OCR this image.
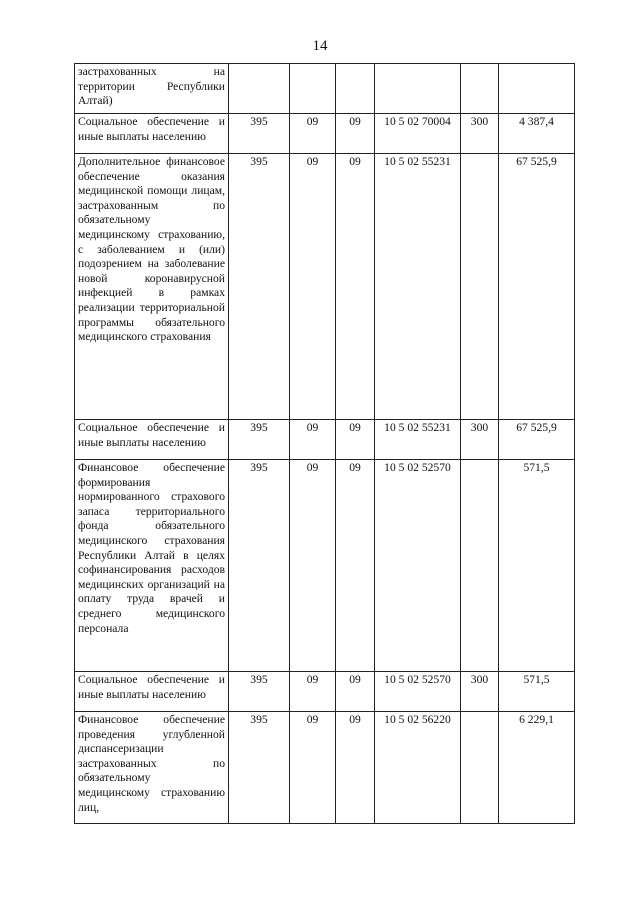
14
застрахованных на территории Республики Алтай)						
Социальное обеспечение и иные выплаты населению	395	09	09	10 5 02 70004	300	4 387,4
Дополнительное финансовое обеспечение оказания медицинской помощи лицам, застрахованным по обязательному медицинскому страхованию, с заболеванием и (или) подозрением на заболевание новой коронавирусной инфекцией в рамках реализации территориальной программы обязательного медицинского страхования	395	09	09	10 5 02 55231		67 525,9
Социальное обеспечение и иные выплаты населению	395	09	09	10 5 02 55231	300	67 525,9
Финансовое обеспечение формирования нормированного страхового запаса территориального фонда обязательного медицинского страхования Республики Алтай в целях софинансирования расходов медицинских организаций на оплату труда врачей и среднего медицинского персонала	395	09	09	10 5 02 52570		571,5
Социальное обеспечение и иные выплаты населению	395	09	09	10 5 02 52570	300	571,5
Финансовое обеспечение проведения углубленной диспансеризации застрахованных по обязательному медицинскому страхованию лиц,	395	09	09	10 5 02 56220		6 229,1
